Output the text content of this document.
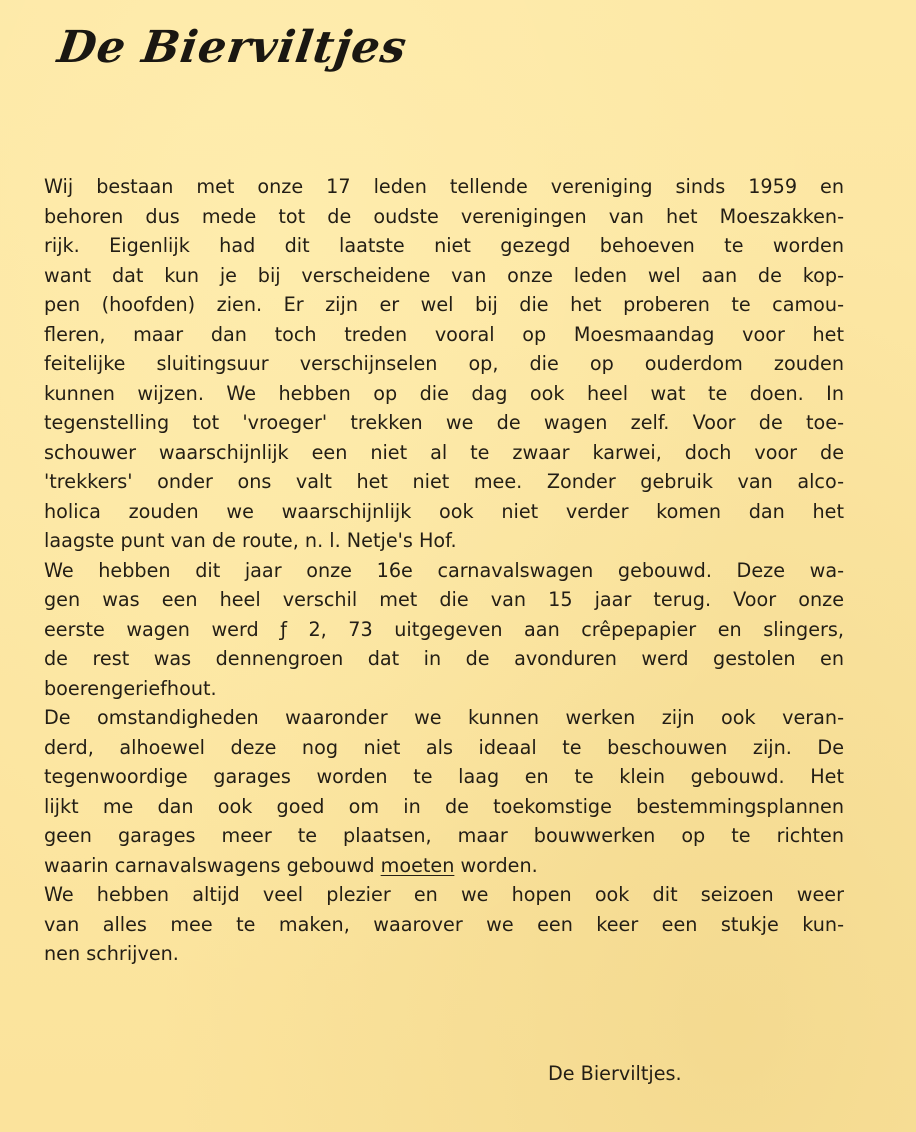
De Bierviltjes
Wij bestaan met onze 17 leden tellende vereniging sinds 1959 en
behoren dus mede tot de oudste verenigingen van het Moeszakken-
rijk. Eigenlijk had dit laatste niet gezegd behoeven te worden
want dat kun je bij verscheidene van onze leden wel aan de kop-
pen (hoofden) zien. Er zijn er wel bij die het proberen te camou-
fleren, maar dan toch treden vooral op Moesmaandag voor het
feitelijke sluitingsuur verschijnselen op, die op ouderdom zouden
kunnen wijzen. We hebben op die dag ook heel wat te doen. In
tegenstelling tot 'vroeger' trekken we de wagen zelf. Voor de toe-
schouwer waarschijnlijk een niet al te zwaar karwei, doch voor de
'trekkers' onder ons valt het niet mee. Zonder gebruik van alco-
holica zouden we waarschijnlijk ook niet verder komen dan het
laagste punt van de route, n. l. Netje's Hof.
We hebben dit jaar onze 16e carnavalswagen gebouwd. Deze wa-
gen was een heel verschil met die van 15 jaar terug. Voor onze
eerste wagen werd ƒ 2, 73 uitgegeven aan crêpepapier en slingers,
de rest was dennengroen dat in de avonduren werd gestolen en
boerengeriefhout.
De omstandigheden waaronder we kunnen werken zijn ook veran-
derd, alhoewel deze nog niet als ideaal te beschouwen zijn. De
tegenwoordige garages worden te laag en te klein gebouwd. Het
lijkt me dan ook goed om in de toekomstige bestemmingsplannen
geen garages meer te plaatsen, maar bouwwerken op te richten
waarin carnavalswagens gebouwd moeten worden.
We hebben altijd veel plezier en we hopen ook dit seizoen weer
van alles mee te maken, waarover we een keer een stukje kun-
nen schrijven.
De Bierviltjes.
